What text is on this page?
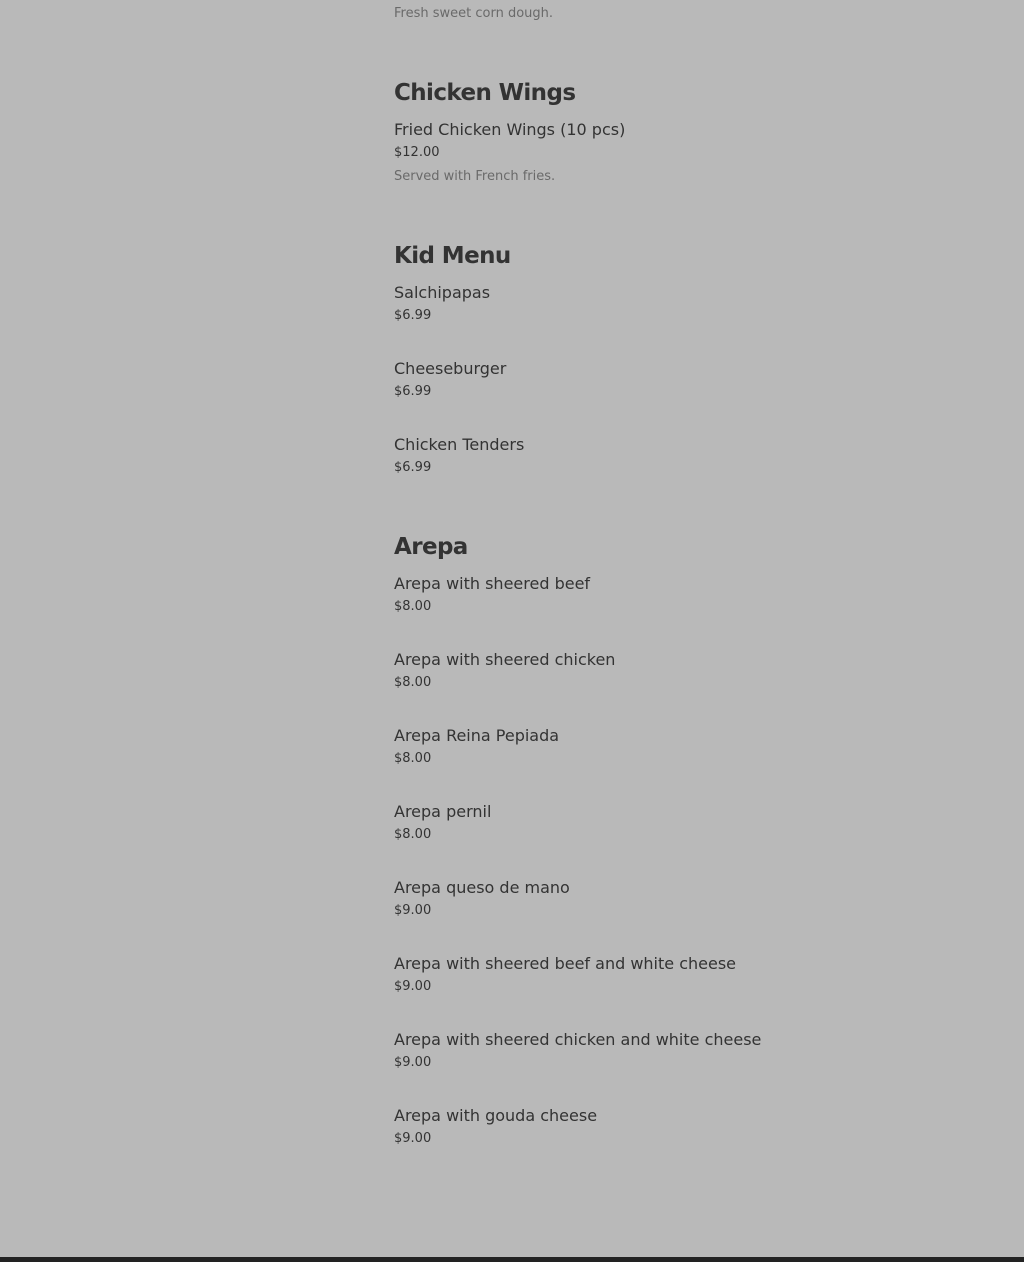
Fresh sweet corn dough.
Chicken Wings
Fried Chicken Wings (10 pcs)
$12.00
Served with French fries.
Kid Menu
Salchipapas
$6.99
Cheeseburger
$6.99
Chicken Tenders
$6.99
Arepa
Arepa with sheered beef
$8.00
Arepa with sheered chicken
$8.00
Arepa Reina Pepiada
$8.00
Arepa pernil
$8.00
Arepa queso de mano
$9.00
Arepa with sheered beef and white cheese
$9.00
Arepa with sheered chicken and white cheese
$9.00
Arepa with gouda cheese
$9.00
